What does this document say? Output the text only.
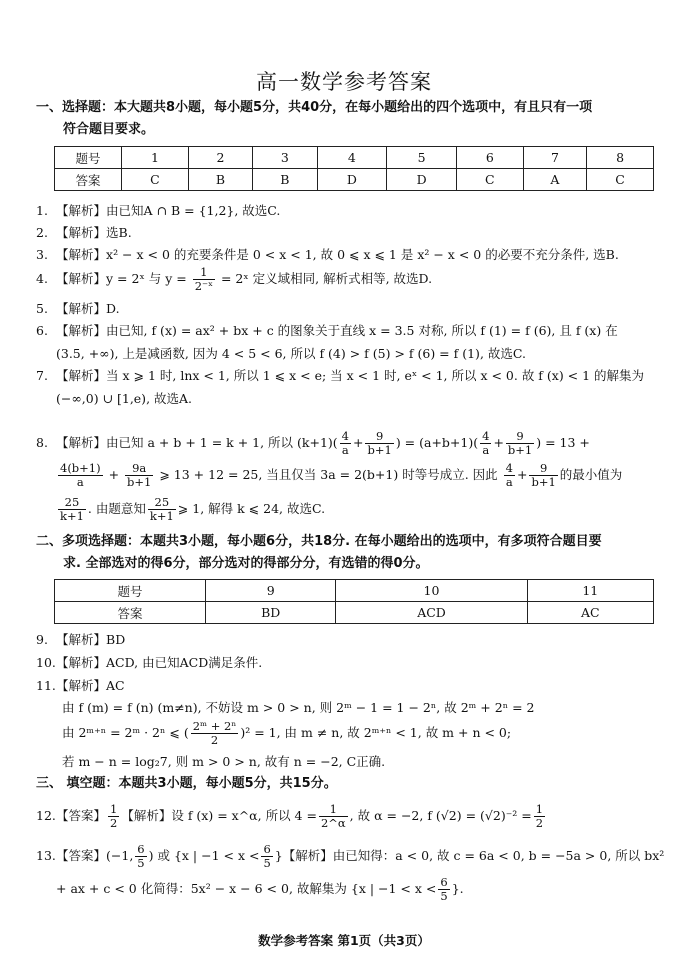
高一数学参考答案
一、选择题：本大题共8小题，每小题5分，共40分，在每小题给出的四个选项中，有且只有一项
符合题目要求。
题号	1	2	3	4	5	6	7	8
答案	C	B	B	D	D	C	A	C
1. 【解析】由已知A ∩ B = {1,2}, 故选C.
2. 【解析】选B.
3. 【解析】x² − x < 0 的充要条件是 0 < x < 1, 故 0 ⩽ x ⩽ 1 是 x² − x < 0 的必要不充分条件, 选B.
4. 【解析】y = 2ˣ 与 $y = \frac{1}{\text{2⁻ˣ}}$ = 2ˣ 定义域相同, 解析式相等, 故选D.
5. 【解析】D.
6. 【解析】由已知, f (x) = ax² + bx + c 的图象关于直线 x = 3.5 对称, 所以 f (1) = f (6), 且 f (x) 在
(3.5, +∞), 上是减函数, 因为 4 < 5 < 6, 所以 f (4) > f (5) > f (6) = f (1), 故选C.
7. 【解析】当 x ⩾ 1 时, lnx < 1, 所以 1 ⩽ x < e; 当 x < 1 时, eˣ < 1, 所以 x < 0. 故 f (x) < 1 的解集为
(−∞,0) ∪ [1,e), 故选A.
8. 【解析】由已知 a + b + 1 = k + 1, 所以 $(k+1)( \frac{4}{a} + \frac{9}{b+1}$ ) = $(a+b+1)( \frac{4}{a} + \frac{9}{b+1}$ ) = 13 +
$\frac{4(b+1)}{a} + \frac{9a}{b+1}$ ⩾ 13 + 12 = 25, 当且仅当 3a = 2(b+1) 时等号成立. 因此 $\frac{4}{a} + \frac{9}{b+1}$ 的最小值为
$\frac{25}{k+1}$ . 由题意知 $\frac{25}{k+1}$ ⩾ 1, 解得 k ⩽ 24, 故选C.
二、多项选择题：本题共3小题，每小题6分，共18分. 在每小题给出的选项中，有多项符合题目要
求. 全部选对的得6分，部分选对的得部分分，有选错的得0分。
题号	9	10	11
答案	BD	ACD	AC
9. 【解析】BD
10.【解析】ACD, 由已知ACD满足条件.
11.【解析】AC
由 f (m) = f (n) (m≠n), 不妨设 m > 0 > n, 则 2ᵐ − 1 = 1 − 2ⁿ, 故 2ᵐ + 2ⁿ = 2
由 2ᵐ⁺ⁿ = 2ᵐ · 2ⁿ ⩽ ( $\frac{\text{2ᵐ + 2ⁿ}}{2} )^2 = 1$, 由 m ≠ n, 故 2ᵐ⁺ⁿ < 1, 故 m + n < 0;
若 m − n = log₂7, 则 m > 0 > n, 故有 n = −2, C正确.
三、 填空题：本题共3小题，每小题5分，共15分。
12.【答案】 $\frac{1}{2}$ 【解析】设 f (x) = x^α, 所以 $4 = \frac{1}{2\^{}\alpha}$ , 故 α = −2, f $(√2) = (√2)^{-2} = \frac{1}{2}$
13.【答案】(−1, $\frac{6}{5}$ ) 或 {x | $-1 < x < \frac{6}{5}$ }【解析】由已知得：a < 0, 故 c = 6a < 0, b = −5a > 0, 所以 bx²
+ ax + c < 0 化简得：5x² − x − 6 < 0, 故解集为 {x | $-1 < x < \frac{6}{5}$ }.
数学参考答案 第1页（共3页）
